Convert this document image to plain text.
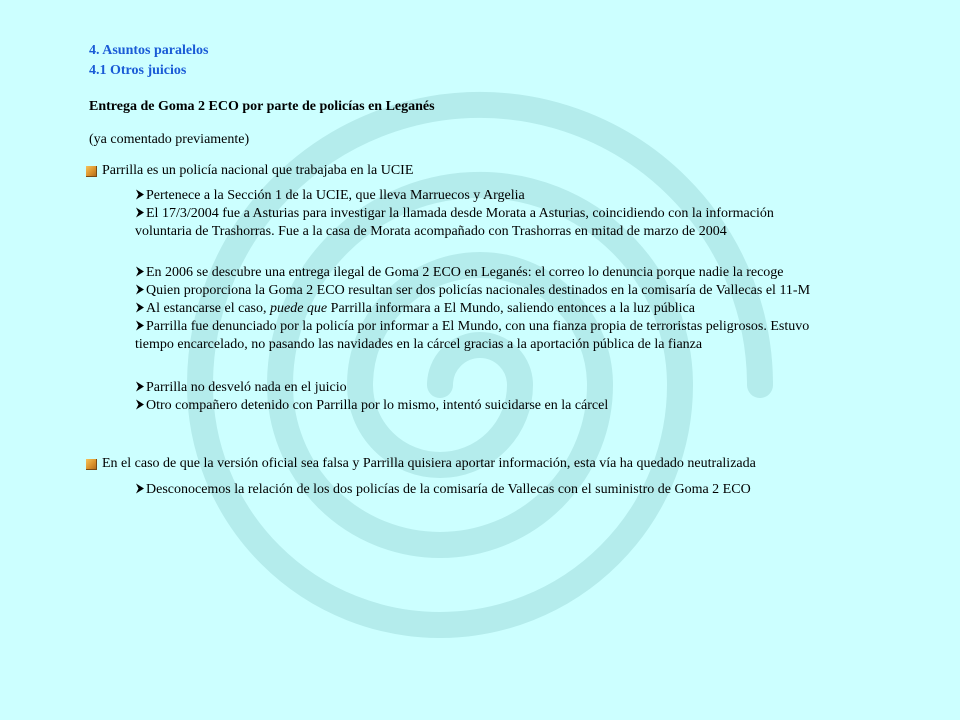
4. Asuntos paralelos
4.1 Otros juicios
Entrega de Goma 2 ECO por parte de policías en Leganés
(ya comentado previamente)
Parrilla es un policía nacional que trabajaba en la UCIE

Pertenece a la Sección 1 de la UCIE, que lleva Marruecos y Argelia

El 17/3/2004 fue a Asturias para investigar la llamada desde Morata a Asturias, coincidiendo con la información

voluntaria de Trashorras. Fue a la casa de Morata acompañado con Trashorras en mitad de marzo de 2004

En 2006 se descubre una entrega ilegal de Goma 2 ECO en Leganés: el correo lo denuncia porque nadie la recoge

Quien proporciona la Goma 2 ECO resultan ser dos policías nacionales destinados en la comisaría de Vallecas el 11-M

Al estancarse el caso, puede que Parrilla informara a El Mundo, saliendo entonces a la luz pública

Parrilla fue denunciado por la policía por informar a El Mundo, con una fianza propia de terroristas peligrosos. Estuvo

tiempo encarcelado, no pasando las navidades en la cárcel gracias a la aportación pública de la fianza

Parrilla no desveló nada en el juicio

Otro compañero detenido con Parrilla por lo mismo, intentó suicidarse en la cárcel

En el caso de que la versión oficial sea falsa y Parrilla quisiera aportar información, esta vía ha quedado neutralizada

Desconocemos la relación de los dos policías de la comisaría de Vallecas con el suministro de Goma 2 ECO
